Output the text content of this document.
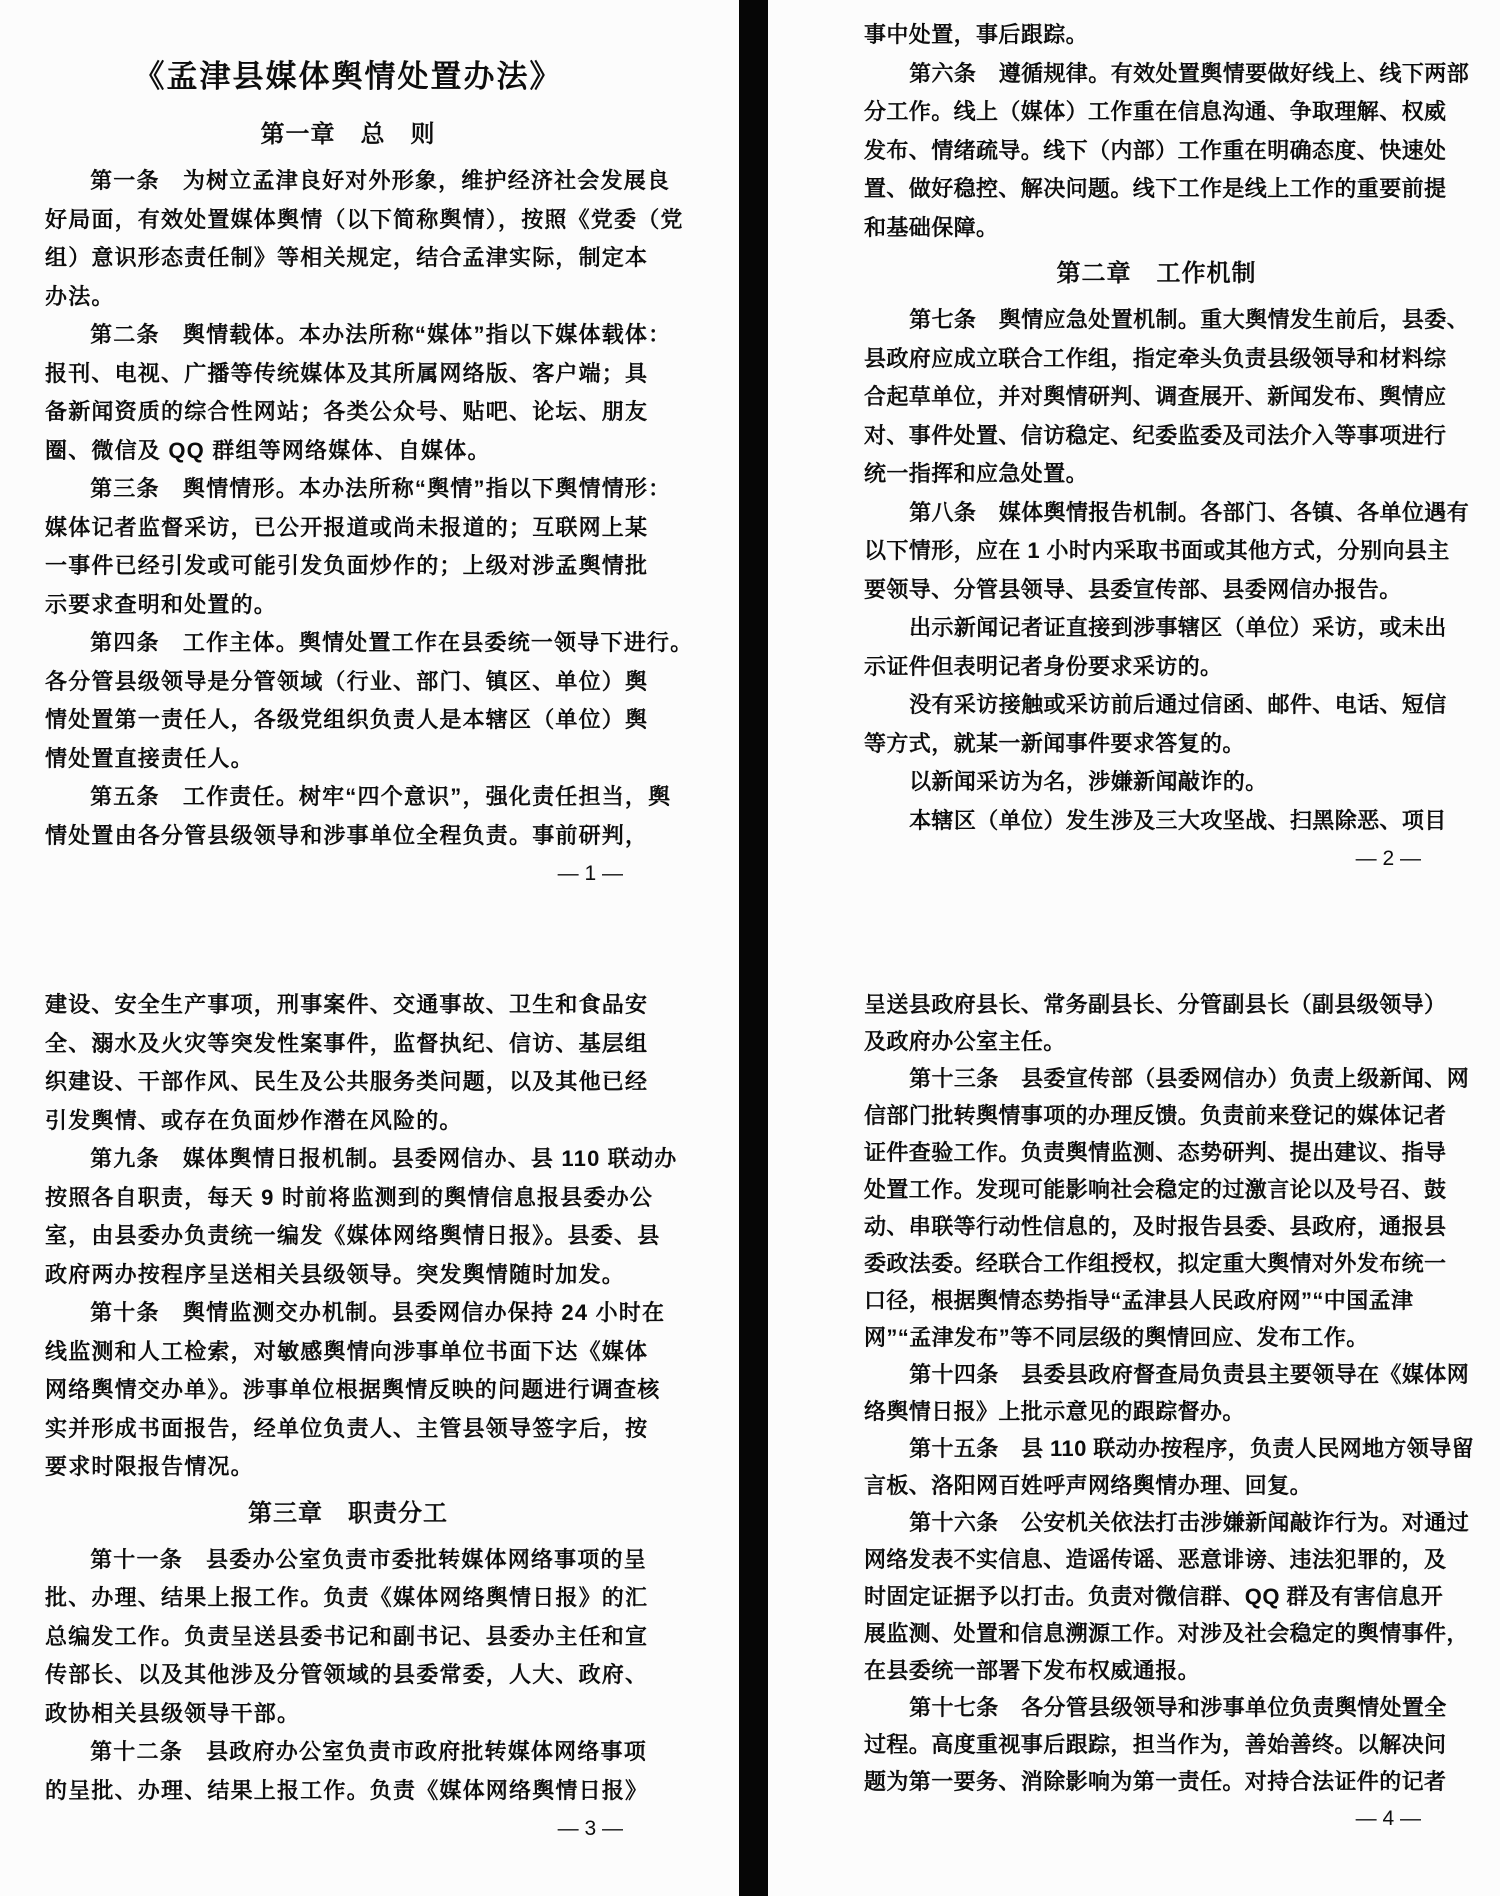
《孟津县媒体舆情处置办法》
第一章　总　则
第一条　为树立孟津良好对外形象，维护经济社会发展良
好局面，有效处置媒体舆情（以下简称舆情），按照《党委（党
组）意识形态责任制》等相关规定，结合孟津实际，制定本
办法。
第二条　舆情载体。本办法所称“媒体”指以下媒体载体：
报刊、电视、广播等传统媒体及其所属网络版、客户端；具
备新闻资质的综合性网站；各类公众号、贴吧、论坛、朋友
圈、微信及 QQ 群组等网络媒体、自媒体。
第三条　舆情情形。本办法所称“舆情”指以下舆情情形：
媒体记者监督采访，已公开报道或尚未报道的；互联网上某
一事件已经引发或可能引发负面炒作的；上级对涉孟舆情批
示要求查明和处置的。
第四条　工作主体。舆情处置工作在县委统一领导下进行。
各分管县级领导是分管领域（行业、部门、镇区、单位）舆
情处置第一责任人，各级党组织负责人是本辖区（单位）舆
情处置直接责任人。
第五条　工作责任。树牢“四个意识”，强化责任担当，舆
情处置由各分管县级领导和涉事单位全程负责。事前研判，
— 1 —
事中处置，事后跟踪。
第六条　遵循规律。有效处置舆情要做好线上、线下两部
分工作。线上（媒体）工作重在信息沟通、争取理解、权威
发布、情绪疏导。线下（内部）工作重在明确态度、快速处
置、做好稳控、解决问题。线下工作是线上工作的重要前提
和基础保障。
第二章　工作机制
第七条　舆情应急处置机制。重大舆情发生前后，县委、
县政府应成立联合工作组，指定牵头负责县级领导和材料综
合起草单位，并对舆情研判、调查展开、新闻发布、舆情应
对、事件处置、信访稳定、纪委监委及司法介入等事项进行
统一指挥和应急处置。
第八条　媒体舆情报告机制。各部门、各镇、各单位遇有
以下情形，应在 1 小时内采取书面或其他方式，分别向县主
要领导、分管县领导、县委宣传部、县委网信办报告。
出示新闻记者证直接到涉事辖区（单位）采访，或未出
示证件但表明记者身份要求采访的。
没有采访接触或采访前后通过信函、邮件、电话、短信
等方式，就某一新闻事件要求答复的。
以新闻采访为名，涉嫌新闻敲诈的。
本辖区（单位）发生涉及三大攻坚战、扫黑除恶、项目
— 2 —
建设、安全生产事项，刑事案件、交通事故、卫生和食品安
全、溺水及火灾等突发性案事件，监督执纪、信访、基层组
织建设、干部作风、民生及公共服务类问题，以及其他已经
引发舆情、或存在负面炒作潜在风险的。
第九条　媒体舆情日报机制。县委网信办、县 110 联动办
按照各自职责，每天 9 时前将监测到的舆情信息报县委办公
室，由县委办负责统一编发《媒体网络舆情日报》。县委、县
政府两办按程序呈送相关县级领导。突发舆情随时加发。
第十条　舆情监测交办机制。县委网信办保持 24 小时在
线监测和人工检索，对敏感舆情向涉事单位书面下达《媒体
网络舆情交办单》。涉事单位根据舆情反映的问题进行调查核
实并形成书面报告，经单位负责人、主管县领导签字后，按
要求时限报告情况。
第三章　职责分工
第十一条　县委办公室负责市委批转媒体网络事项的呈
批、办理、结果上报工作。负责《媒体网络舆情日报》的汇
总编发工作。负责呈送县委书记和副书记、县委办主任和宣
传部长、以及其他涉及分管领域的县委常委，人大、政府、
政协相关县级领导干部。
第十二条　县政府办公室负责市政府批转媒体网络事项
的呈批、办理、结果上报工作。负责《媒体网络舆情日报》
— 3 —
呈送县政府县长、常务副县长、分管副县长（副县级领导）
及政府办公室主任。
第十三条　县委宣传部（县委网信办）负责上级新闻、网
信部门批转舆情事项的办理反馈。负责前来登记的媒体记者
证件查验工作。负责舆情监测、态势研判、提出建议、指导
处置工作。发现可能影响社会稳定的过激言论以及号召、鼓
动、串联等行动性信息的，及时报告县委、县政府，通报县
委政法委。经联合工作组授权，拟定重大舆情对外发布统一
口径，根据舆情态势指导“孟津县人民政府网”“中国孟津
网”“孟津发布”等不同层级的舆情回应、发布工作。
第十四条　县委县政府督查局负责县主要领导在《媒体网
络舆情日报》上批示意见的跟踪督办。
第十五条　县 110 联动办按程序，负责人民网地方领导留
言板、洛阳网百姓呼声网络舆情办理、回复。
第十六条　公安机关依法打击涉嫌新闻敲诈行为。对通过
网络发表不实信息、造谣传谣、恶意诽谤、违法犯罪的，及
时固定证据予以打击。负责对微信群、QQ 群及有害信息开
展监测、处置和信息溯源工作。对涉及社会稳定的舆情事件，
在县委统一部署下发布权威通报。
第十七条　各分管县级领导和涉事单位负责舆情处置全
过程。高度重视事后跟踪，担当作为，善始善终。以解决问
题为第一要务、消除影响为第一责任。对持合法证件的记者
— 4 —
